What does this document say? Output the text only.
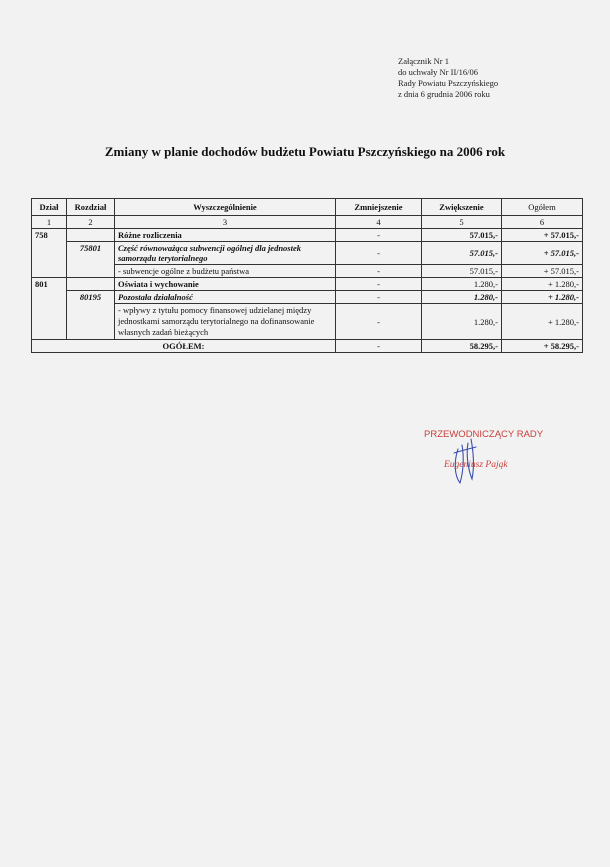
Załącznik Nr 1
do uchwały Nr II/16/06
Rady Powiatu Pszczyńskiego
z dnia 6 grudnia 2006 roku
Zmiany w planie dochodów budżetu Powiatu Pszczyńskiego na 2006 rok
Dział	Rozdział	Wyszczególnienie	Zmniejszenie	Zwiększenie	Ogółem
1	2	3	4	5	6
758		Różne rozliczenia	-	57.015,-	+ 57.015,-
	75801	Część równoważąca subwencji ogólnej dla jednostek samorządu terytorialnego	-	57.015,-	+ 57.015,-
		- subwencje ogólne z budżetu państwa	-	57.015,-	+ 57.015,-
801		Oświata i wychowanie	-	1.280,-	+ 1.280,-
	80195	Pozostała działalność	-	1.280,-	+ 1.280,-
		- wpływy z tytułu pomocy finansowej udzielanej między jednostkami samorządu terytorialnego na dofinansowanie własnych zadań bieżących	-	1.280,-	+ 1.280,-
OGÓŁEM:			-	58.295,-	+ 58.295,-
PRZEWODNICZĄCY RADY
Eugeniusz Pająk
